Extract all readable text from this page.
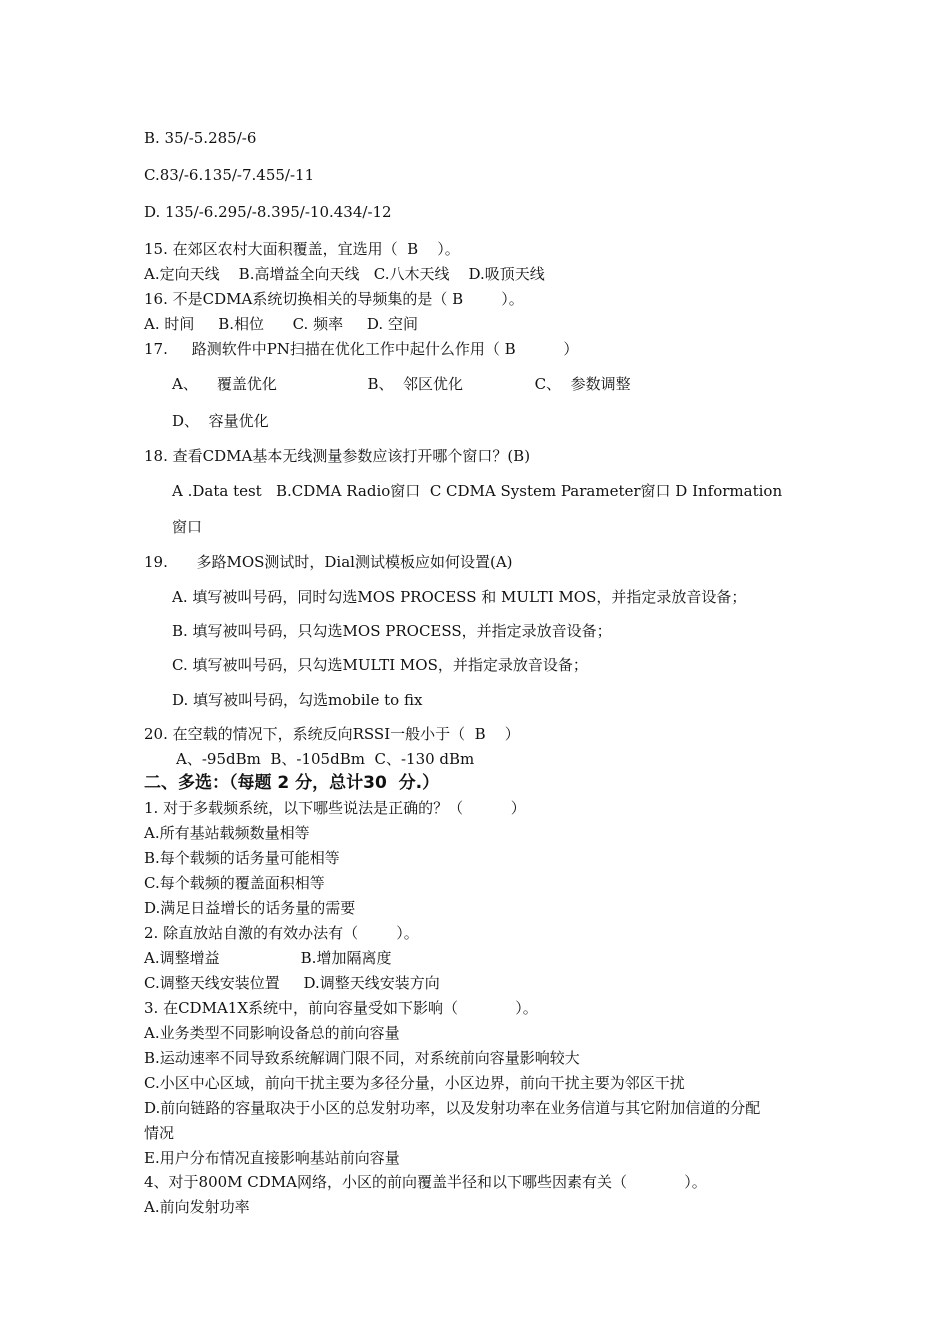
B. 35/-5.285/-6
C.83/-6.135/-7.455/-11
D. 135/-6.295/-8.395/-10.434/-12
15. 在郊区农村大面积覆盖，宜选用（  B    ）。
A.定向天线    B.高增益全向天线   C.八木天线    D.吸顶天线
16. 不是CDMA系统切换相关的导频集的是（ B        ）。
A. 时间     B.相位      C. 频率     D. 空间
17.     路测软件中PN扫描在优化工作中起什么作用（ B          ）
A、    覆盖优化                   B、  邻区优化               C、  参数调整
D、  容量优化
18. 查看CDMA基本无线测量参数应该打开哪个窗口？(B)
A .Data test   B.CDMA Radio窗口  C CDMA System Parameter窗口 D Information
窗口
19.      多路MOS测试时，Dial测试模板应如何设置(A)
A. 填写被叫号码，同时勾选MOS PROCESS 和 MULTI MOS，并指定录放音设备；
B. 填写被叫号码，只勾选MOS PROCESS，并指定录放音设备；
C. 填写被叫号码，只勾选MULTI MOS，并指定录放音设备；
D. 填写被叫号码，勾选mobile to fix
20. 在空载的情况下，系统反向RSSI一般小于（  B    ）
A、-95dBm  B、-105dBm  C、-130 dBm
二、多选：（每题 2 分，总计30  分.）
1. 对于多载频系统，以下哪些说法是正确的？（          ）
A.所有基站载频数量相等
B.每个载频的话务量可能相等
C.每个载频的覆盖面积相等
D.满足日益增长的话务量的需要
2. 除直放站自激的有效办法有（        ）。
A.调整增益                 B.增加隔离度
C.调整天线安装位置     D.调整天线安装方向
3. 在CDMA1X系统中，前向容量受如下影响（            ）。
A.业务类型不同影响设备总的前向容量
B.运动速率不同导致系统解调门限不同，对系统前向容量影响较大
C.小区中心区域，前向干扰主要为多径分量，小区边界，前向干扰主要为邻区干扰
D.前向链路的容量取决于小区的总发射功率，以及发射功率在业务信道与其它附加信道的分配
情况
E.用户分布情况直接影响基站前向容量
4、对于800M CDMA网络，小区的前向覆盖半径和以下哪些因素有关（            ）。
A.前向发射功率
